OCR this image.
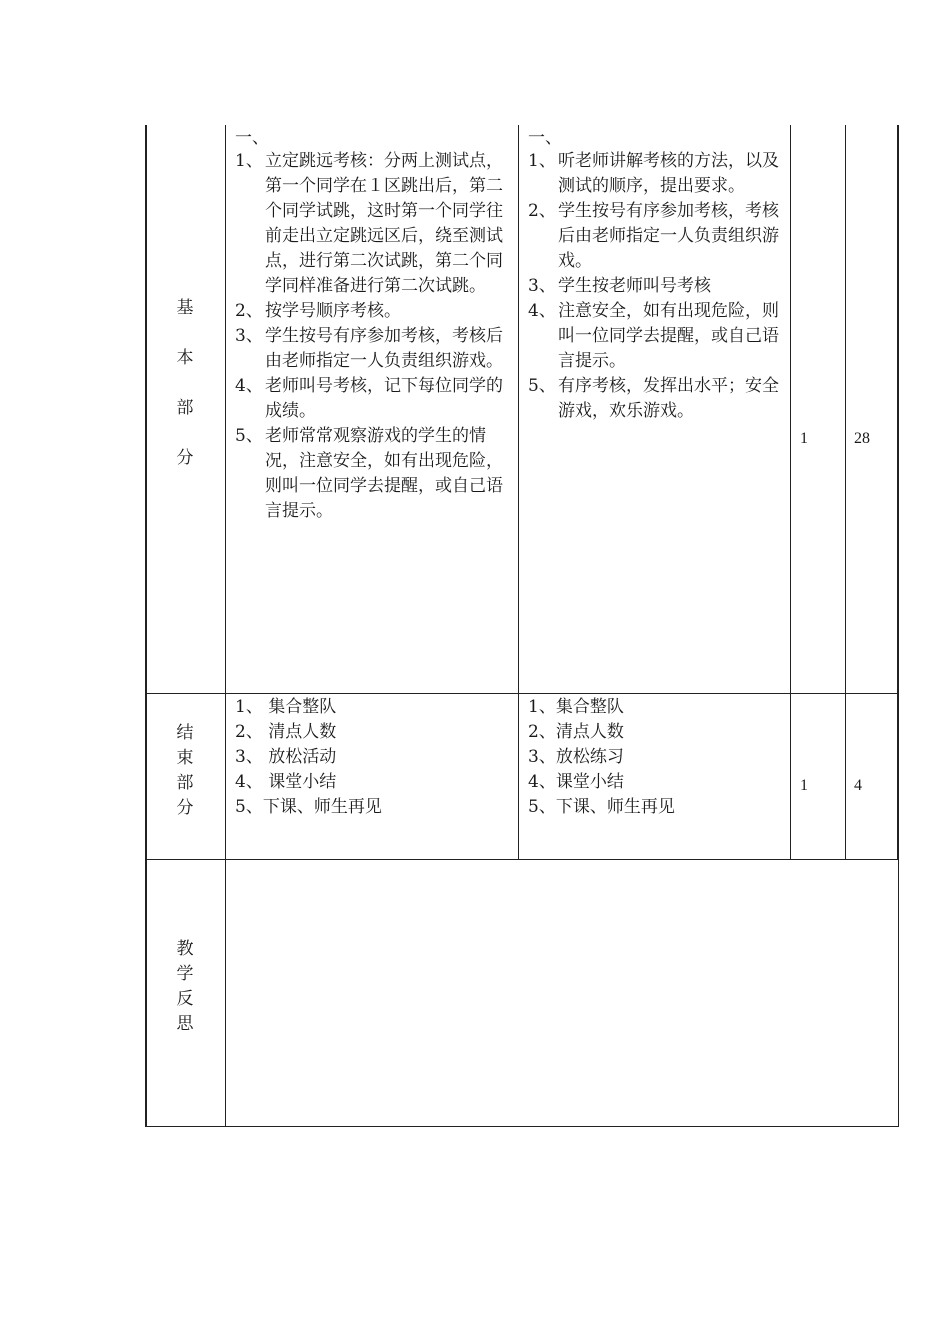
基
本
部
分
一、
1、 立定跳远考核：分两上测试点，第一个同学在１区跳出后，第二个同学试跳，这时第一个同学往前走出立定跳远区后，绕至测试点，进行第二次试跳，第二个同学同样准备进行第二次试跳。
2、 按学号顺序考核。
3、 学生按号有序参加考核，考核后由老师指定一人负责组织游戏。
4、 老师叫号考核，记下每位同学的成绩。
5、 老师常常观察游戏的学生的情况，注意安全，如有出现危险，则叫一位同学去提醒，或自己语言提示。
一、
1、 听老师讲解考核的方法，以及测试的顺序，提出要求。
2、 学生按号有序参加考核，考核后由老师指定一人负责组织游戏。
3、 学生按老师叫号考核
4、 注意安全，如有出现危险，则叫一位同学去提醒，或自己语言提示。
5、 有序考核，发挥出水平；安全游戏，欢乐游戏。
1	28
结
束
部
分
1、 集合整队
2、 清点人数
3、 放松活动
4、 课堂小结
5、下课、师生再见
1、集合整队
2、清点人数
3、放松练习
4、课堂小结
5、下课、师生再见
1	4
教
学
反
思
